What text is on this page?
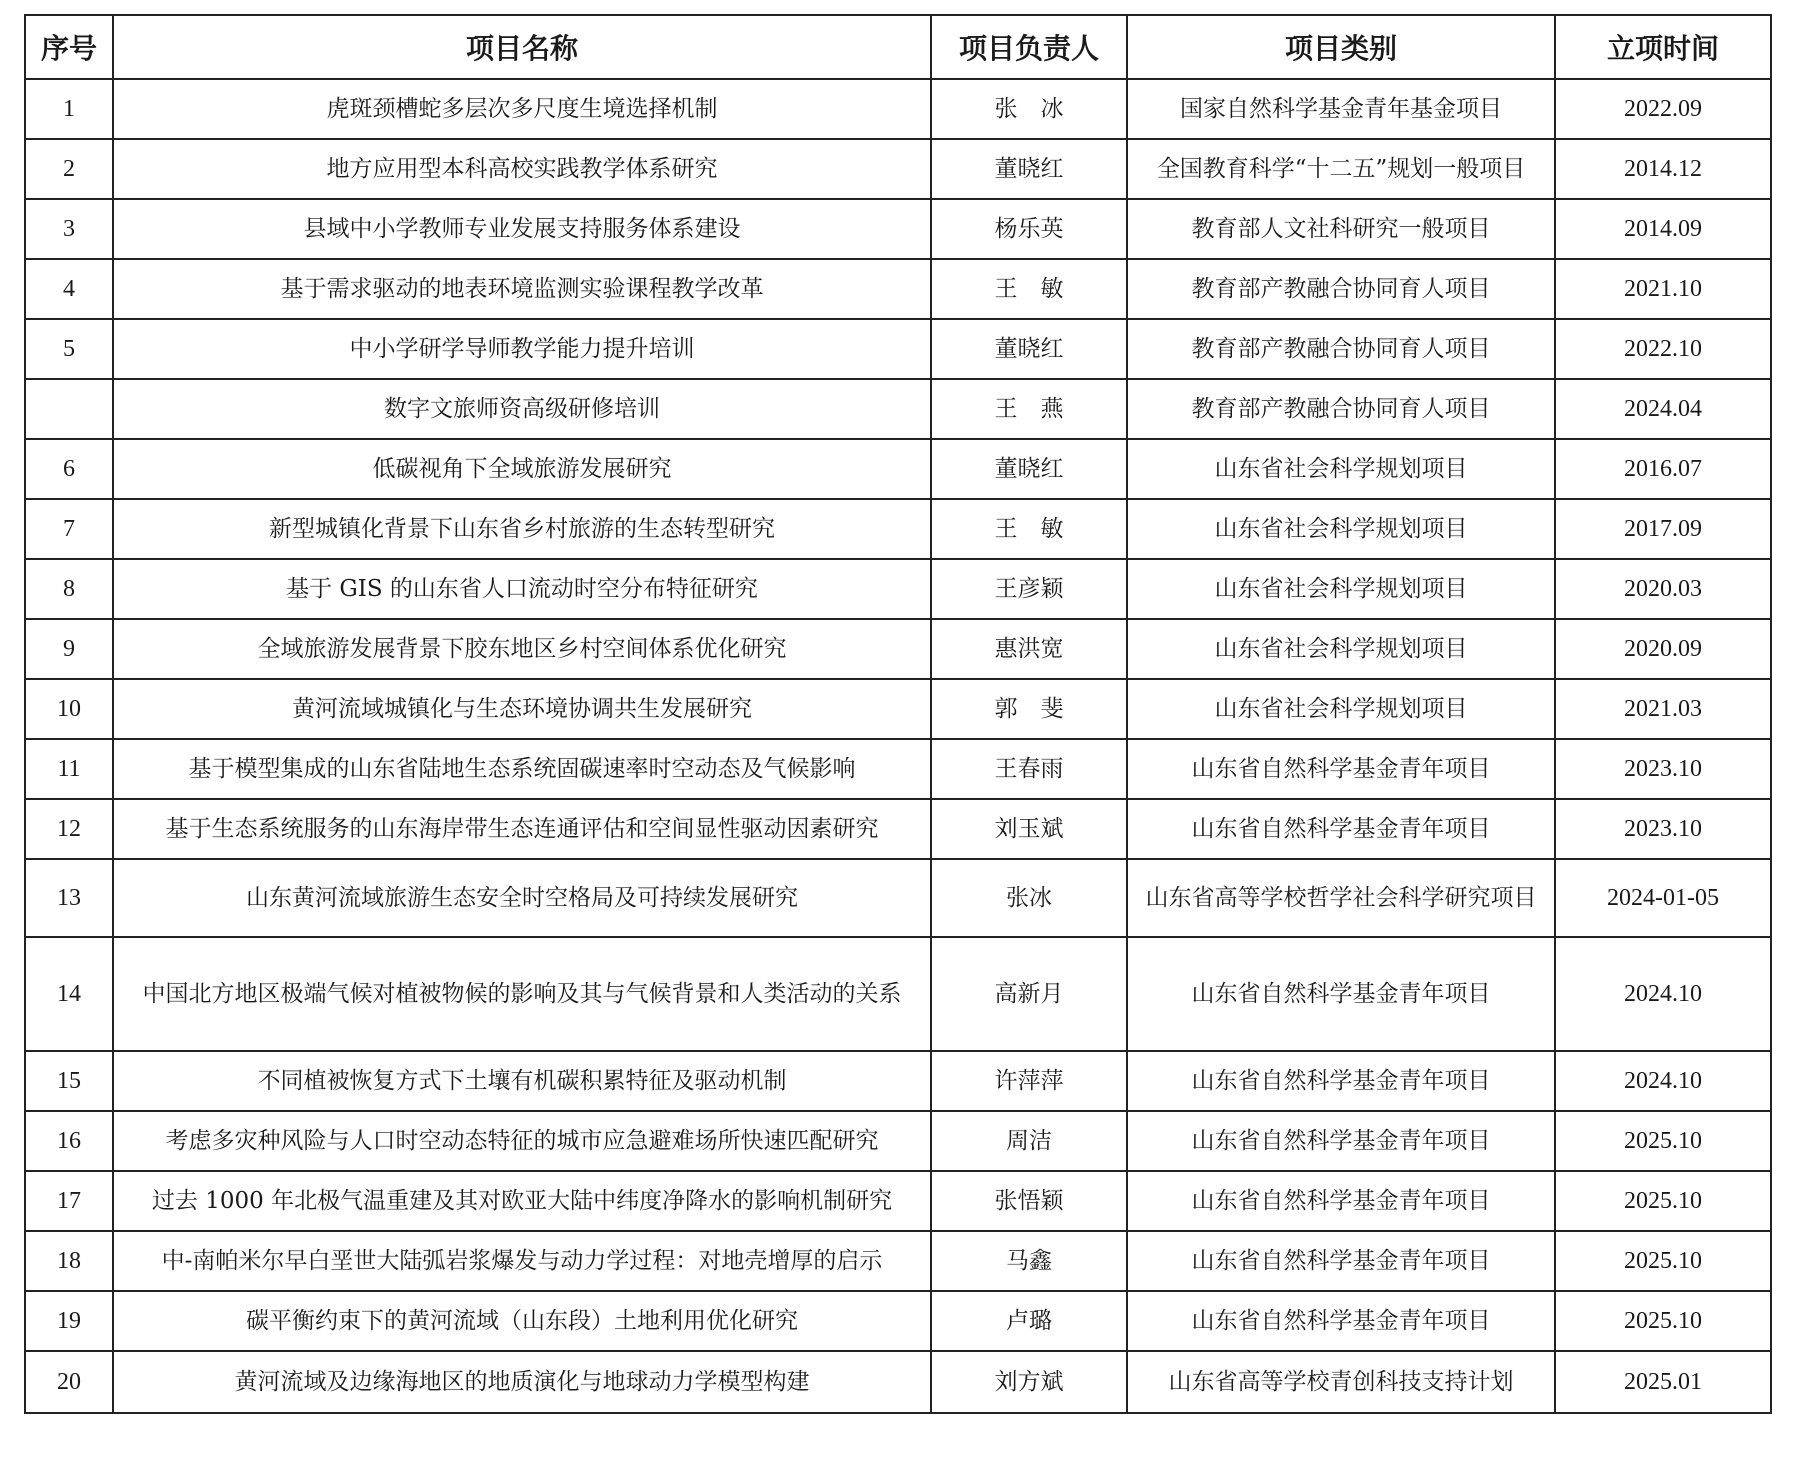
序号	项目名称	项目负责人	项目类别	立项时间
1	虎斑颈槽蛇多层次多尺度生境选择机制	张　冰	国家自然科学基金青年基金项目	2022.09
2	地方应用型本科高校实践教学体系研究	董晓红	全国教育科学“十二五”规划一般项目	2014.12
3	县域中小学教师专业发展支持服务体系建设	杨乐英	教育部人文社科研究一般项目	2014.09
4	基于需求驱动的地表环境监测实验课程教学改革	王　敏	教育部产教融合协同育人项目	2021.10
5	中小学研学导师教学能力提升培训	董晓红	教育部产教融合协同育人项目	2022.10
	数字文旅师资高级研修培训	王　燕	教育部产教融合协同育人项目	2024.04
6	低碳视角下全域旅游发展研究	董晓红	山东省社会科学规划项目	2016.07
7	新型城镇化背景下山东省乡村旅游的生态转型研究	王　敏	山东省社会科学规划项目	2017.09
8	基于 GIS 的山东省人口流动时空分布特征研究	王彦颖	山东省社会科学规划项目	2020.03
9	全域旅游发展背景下胶东地区乡村空间体系优化研究	惠洪宽	山东省社会科学规划项目	2020.09
10	黄河流域城镇化与生态环境协调共生发展研究	郭　斐	山东省社会科学规划项目	2021.03
11	基于模型集成的山东省陆地生态系统固碳速率时空动态及气候影响	王春雨	山东省自然科学基金青年项目	2023.10
12	基于生态系统服务的山东海岸带生态连通评估和空间显性驱动因素研究	刘玉斌	山东省自然科学基金青年项目	2023.10
13	山东黄河流域旅游生态安全时空格局及可持续发展研究	张冰	山东省高等学校哲学社会科学研究项目	2024-01-05
14	中国北方地区极端气候对植被物候的影响及其与气候背景和人类活动的关系	高新月	山东省自然科学基金青年项目	2024.10
15	不同植被恢复方式下土壤有机碳积累特征及驱动机制	许萍萍	山东省自然科学基金青年项目	2024.10
16	考虑多灾种风险与人口时空动态特征的城市应急避难场所快速匹配研究	周洁	山东省自然科学基金青年项目	2025.10
17	过去 1000 年北极气温重建及其对欧亚大陆中纬度净降水的影响机制研究	张悟颖	山东省自然科学基金青年项目	2025.10
18	中-南帕米尔早白垩世大陆弧岩浆爆发与动力学过程：对地壳增厚的启示	马鑫	山东省自然科学基金青年项目	2025.10
19	碳平衡约束下的黄河流域（山东段）土地利用优化研究	卢璐	山东省自然科学基金青年项目	2025.10
20	黄河流域及边缘海地区的地质演化与地球动力学模型构建	刘方斌	山东省高等学校青创科技支持计划	2025.01
